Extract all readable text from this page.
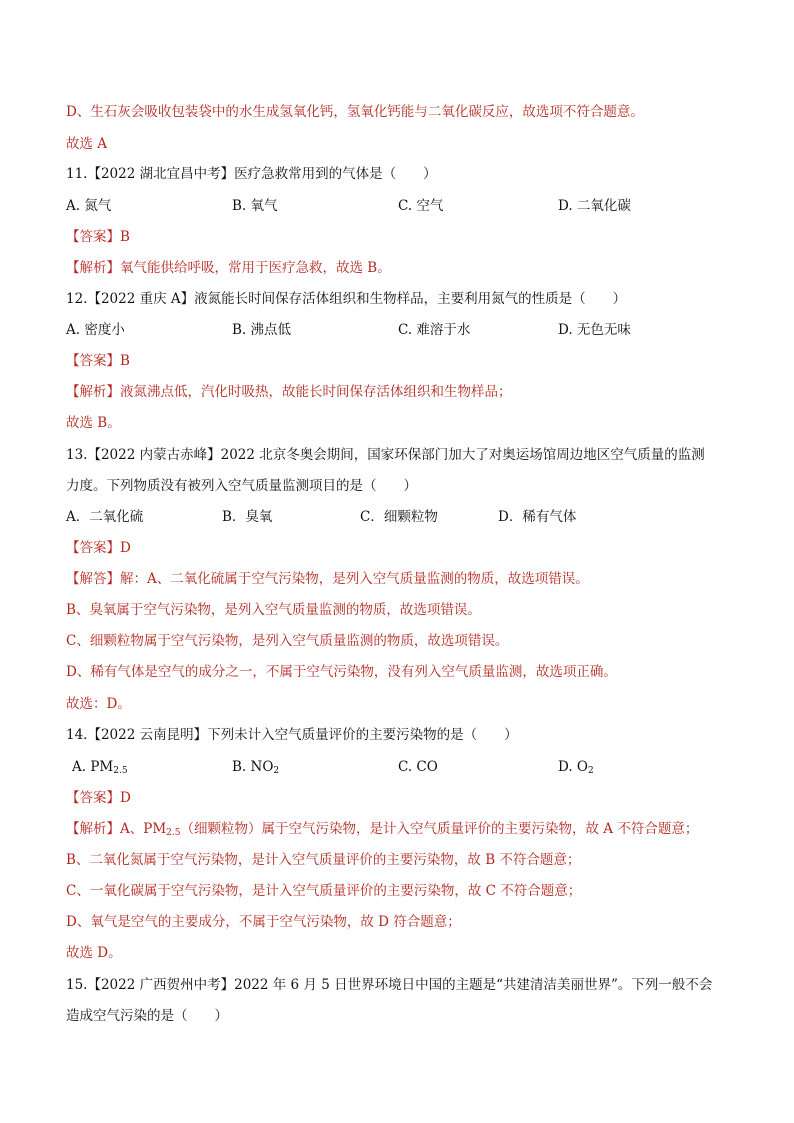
D、生石灰会吸收包装袋中的水生成氢氧化钙，氢氧化钙能与二氧化碳反应，故选项不符合题意。
故选 A
11.【2022 湖北宜昌中考】医疗急救常用到的气体是（　　）
A. 氮气	B. 氧气	C. 空气	D. 二氧化碳
【答案】B
【解析】氧气能供给呼吸，常用于医疗急救，故选 B。
12.【2022 重庆 A】液氮能长时间保存活体组织和生物样品，主要利用氮气的性质是（　　）
A. 密度小	B. 沸点低	C. 难溶于水	D. 无色无味
【答案】B
【解析】液氮沸点低，汽化时吸热，故能长时间保存活体组织和生物样品；
故选 B。
13.【2022 内蒙古赤峰】2022 北京冬奥会期间，国家环保部门加大了对奥运场馆周边地区空气质量的监测
力度。下列物质没有被列入空气质量监测项目的是（　　）
A．二氧化硫	B．臭氧	C．细颗粒物	D．稀有气体
【答案】D
【解答】解：A、二氧化硫属于空气污染物，是列入空气质量监测的物质，故选项错误。
B、臭氧属于空气污染物，是列入空气质量监测的物质，故选项错误。
C、细颗粒物属于空气污染物，是列入空气质量监测的物质，故选项错误。
D、稀有气体是空气的成分之一，不属于空气污染物，没有列入空气质量监测，故选项正确。
故选：D。
14.【2022 云南昆明】下列未计入空气质量评价的主要污染物的是（　　）
A. $PM_{2.5}$	B. $NO_2$	C. CO	D. $O_2$
【答案】D
【解析】A、$PM_{2.5}$（细颗粒物）属于空气污染物，是计入空气质量评价的主要污染物，故 A 不符合题意；
B、二氧化氮属于空气污染物，是计入空气质量评价的主要污染物，故 B 不符合题意；
C、一氧化碳属于空气污染物，是计入空气质量评价的主要污染物，故 C 不符合题意；
D、氧气是空气的主要成分，不属于空气污染物，故 D 符合题意；
故选 D。
15.【2022 广西贺州中考】2022 年 6 月 5 日世界环境日中国的主题是“共建清洁美丽世界”。下列一般不会
造成空气污染的是（　　）
